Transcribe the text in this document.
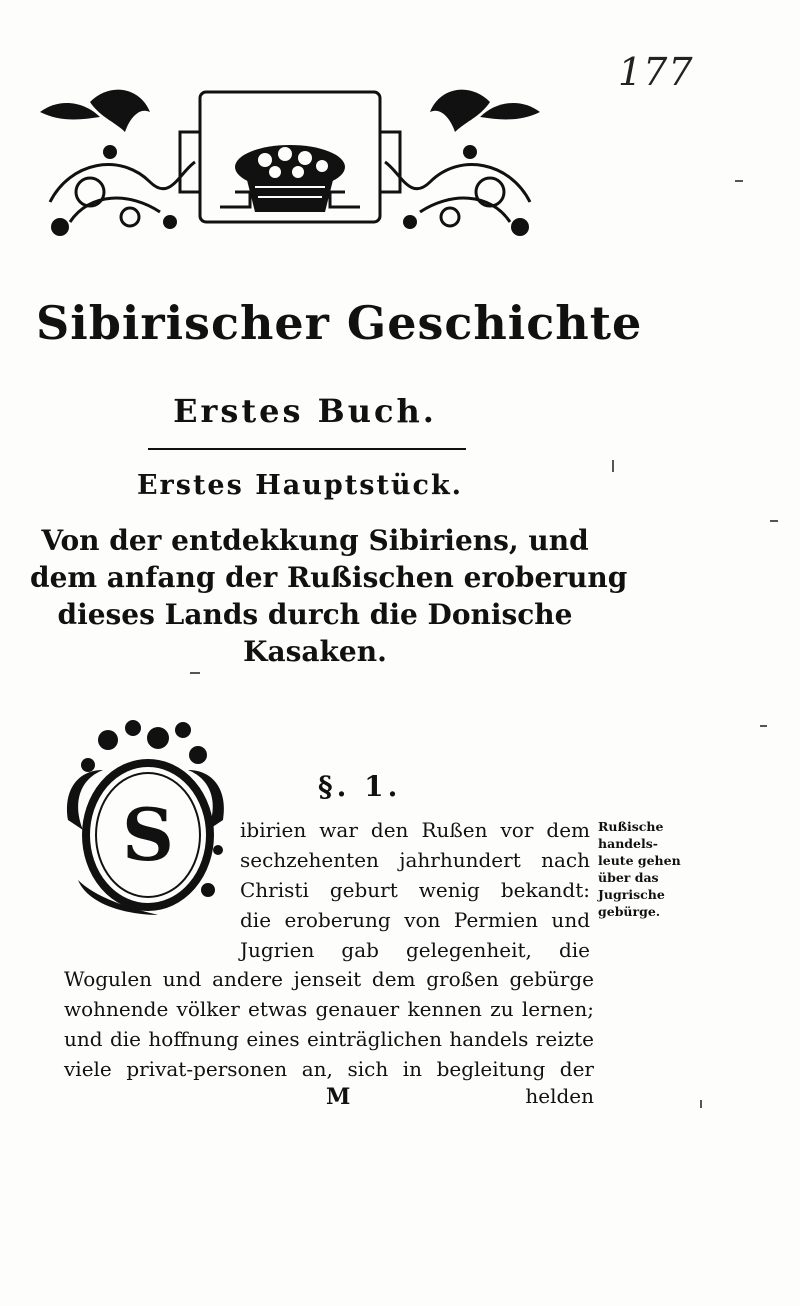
177
Sibirischer Geschichte
Erstes Buch.
Erstes Hauptstück.
Von der entdekkung Sibiriens, und
dem anfang der Rußischen eroberung
dieses Lands durch die Donische
Kasaken.
S
§. 1.
ibirien war den Rußen vor dem
sechzehenten jahrhundert nach
Christi geburt wenig bekandt:
die eroberung von Permien und
Jugrien gab gelegenheit, die
Wogulen und andere jenseit dem großen gebürge
wohnende völker etwas genauer kennen zu lernen;
und die hoffnung eines einträglichen handels reizte
viele privat-personen an, sich in begleitung der
M	helden
Rußische
handels-
leute gehen
über das
Jugrische
gebürge.
